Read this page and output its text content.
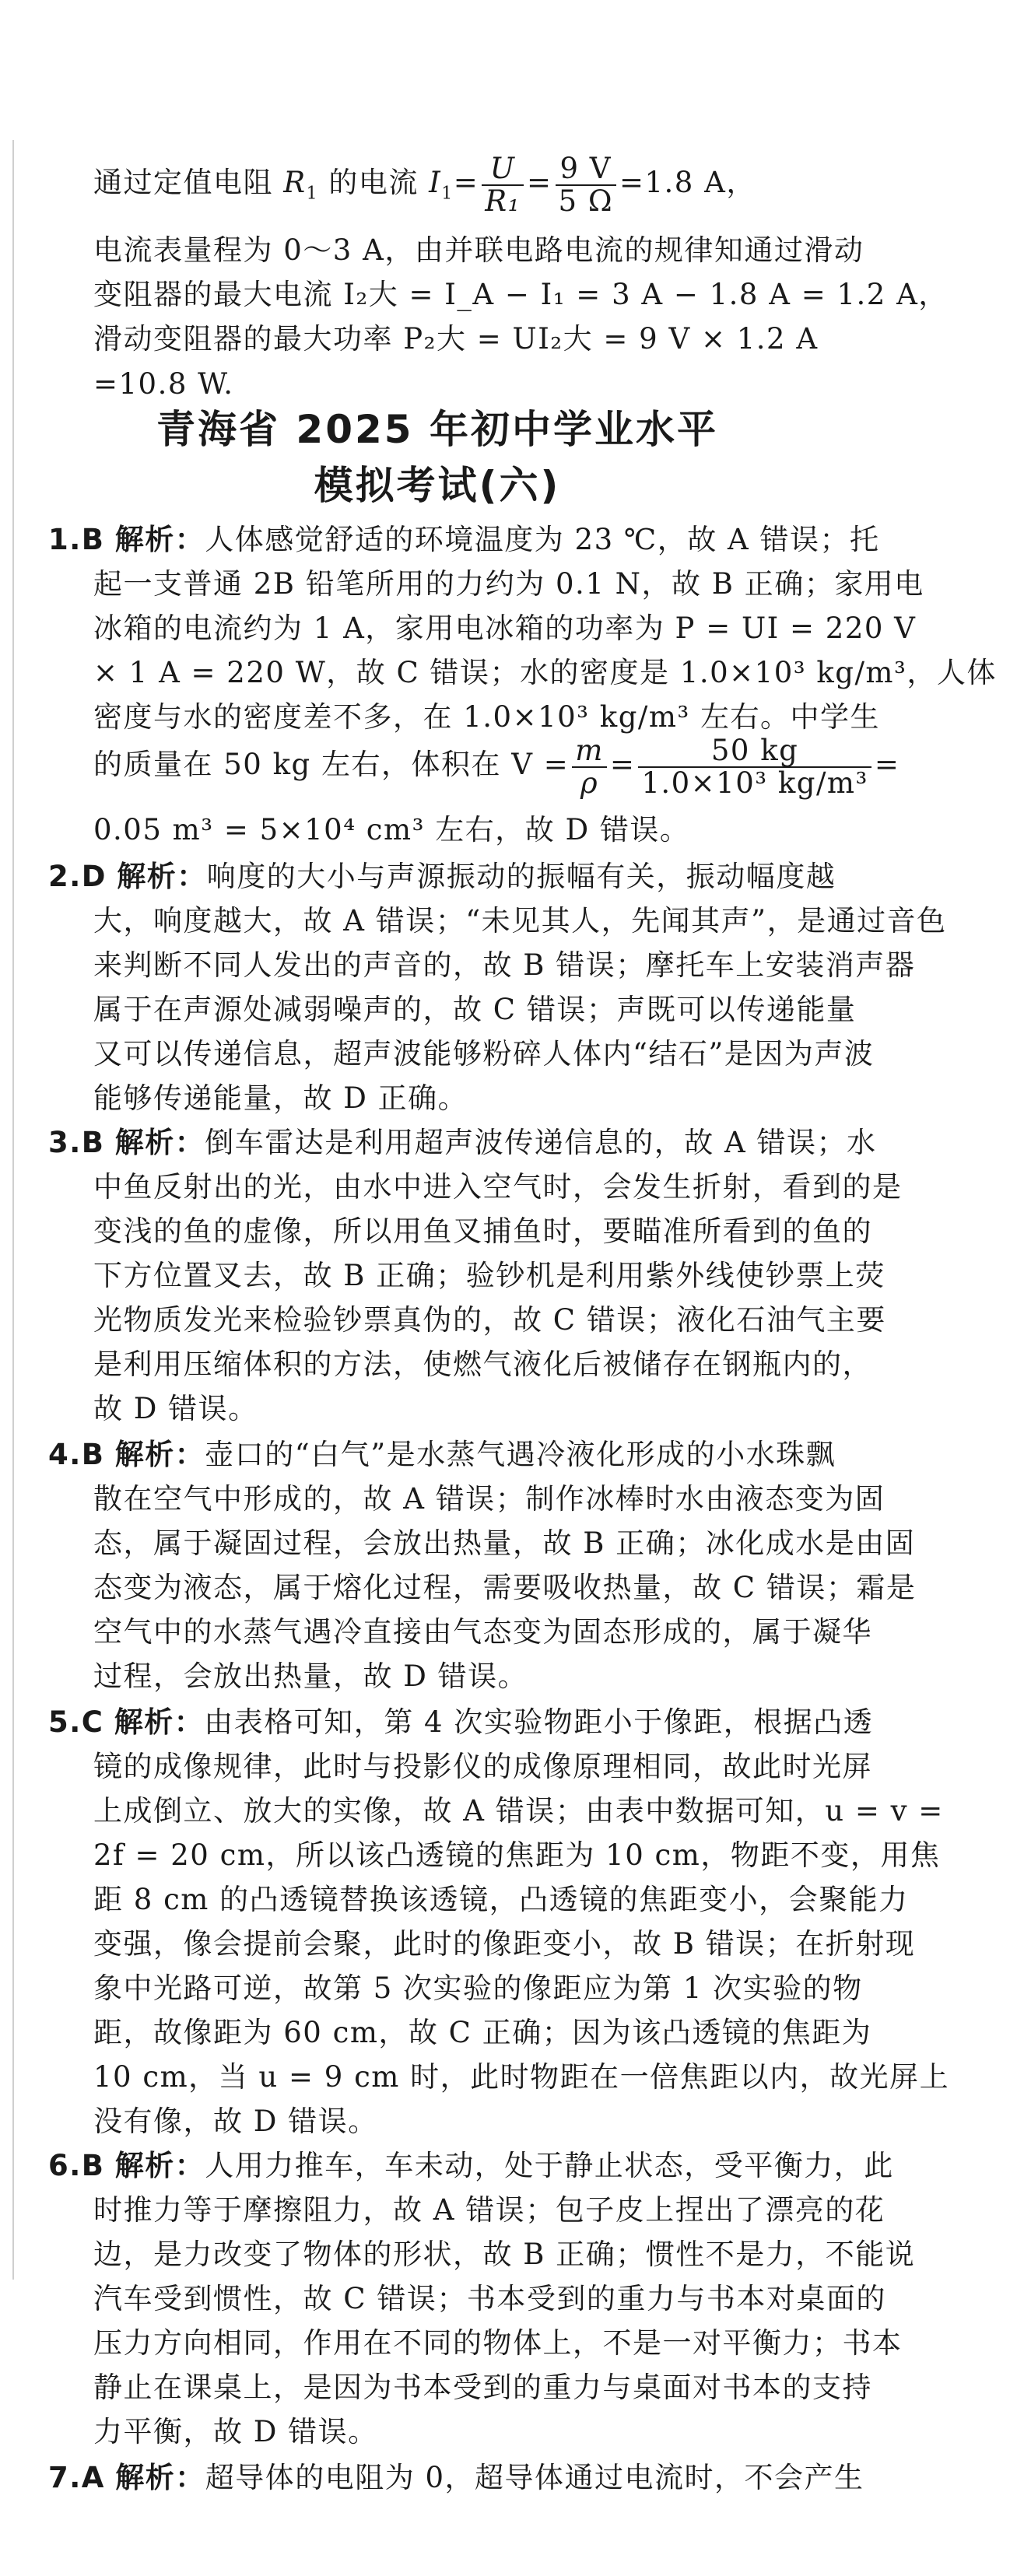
通过定值电阻 $R_1$ 的电流 $I_1= \frac{U}{\text{R₁}} = \frac{9 V}{5 \Omega} =1.8$ A，
电流表量程为 0～3 A，由并联电路电流的规律知通过滑动
变阻器的最大电流 I₂大 = I_A − I₁ = 3 A − 1.8 A = 1.2 A，
滑动变阻器的最大功率 P₂大 = UI₂大 = 9 V × 1.2 A
=10.8 W.
青海省 2025 年初中学业水平
模拟考试(六)
1.B 解析：人体感觉舒适的环境温度为 23 ℃，故 A 错误；托
起一支普通 2B 铅笔所用的力约为 0.1 N，故 B 正确；家用电
冰箱的电流约为 1 A，家用电冰箱的功率为 P = UI = 220 V
× 1 A = 220 W，故 C 错误；水的密度是 1.0×10³ kg/m³，人体
密度与水的密度差不多，在 1.0×10³ kg/m³ 左右。中学生
的质量在 50 kg 左右，体积在 $V = \frac{m}{\rho} = \frac{50 kg}{\text{1.0×10³ kg/m³}}$ =
0.05 m³ = 5×10⁴ cm³ 左右，故 D 错误。
2.D 解析：响度的大小与声源振动的振幅有关，振动幅度越
大，响度越大，故 A 错误；“未见其人，先闻其声”，是通过音色
来判断不同人发出的声音的，故 B 错误；摩托车上安装消声器
属于在声源处减弱噪声的，故 C 错误；声既可以传递能量
又可以传递信息，超声波能够粉碎人体内“结石”是因为声波
能够传递能量，故 D 正确。
3.B 解析：倒车雷达是利用超声波传递信息的，故 A 错误；水
中鱼反射出的光，由水中进入空气时，会发生折射，看到的是
变浅的鱼的虚像，所以用鱼叉捕鱼时，要瞄准所看到的鱼的
下方位置叉去，故 B 正确；验钞机是利用紫外线使钞票上荧
光物质发光来检验钞票真伪的，故 C 错误；液化石油气主要
是利用压缩体积的方法，使燃气液化后被储存在钢瓶内的，
故 D 错误。
4.B 解析：壶口的“白气”是水蒸气遇冷液化形成的小水珠飘
散在空气中形成的，故 A 错误；制作冰棒时水由液态变为固
态，属于凝固过程，会放出热量，故 B 正确；冰化成水是由固
态变为液态，属于熔化过程，需要吸收热量，故 C 错误；霜是
空气中的水蒸气遇冷直接由气态变为固态形成的，属于凝华
过程，会放出热量，故 D 错误。
5.C 解析：由表格可知，第 4 次实验物距小于像距，根据凸透
镜的成像规律，此时与投影仪的成像原理相同，故此时光屏
上成倒立、放大的实像，故 A 错误；由表中数据可知，u = v =
2f = 20 cm，所以该凸透镜的焦距为 10 cm，物距不变，用焦
距 8 cm 的凸透镜替换该透镜，凸透镜的焦距变小，会聚能力
变强，像会提前会聚，此时的像距变小，故 B 错误；在折射现
象中光路可逆，故第 5 次实验的像距应为第 1 次实验的物
距，故像距为 60 cm，故 C 正确；因为该凸透镜的焦距为
10 cm，当 u = 9 cm 时，此时物距在一倍焦距以内，故光屏上
没有像，故 D 错误。
6.B 解析：人用力推车，车未动，处于静止状态，受平衡力，此
时推力等于摩擦阻力，故 A 错误；包子皮上捏出了漂亮的花
边，是力改变了物体的形状，故 B 正确；惯性不是力，不能说
汽车受到惯性，故 C 错误；书本受到的重力与书本对桌面的
压力方向相同，作用在不同的物体上，不是一对平衡力；书本
静止在课桌上，是因为书本受到的重力与桌面对书本的支持
力平衡，故 D 错误。
7.A 解析：超导体的电阻为 0，超导体通过电流时，不会产生
